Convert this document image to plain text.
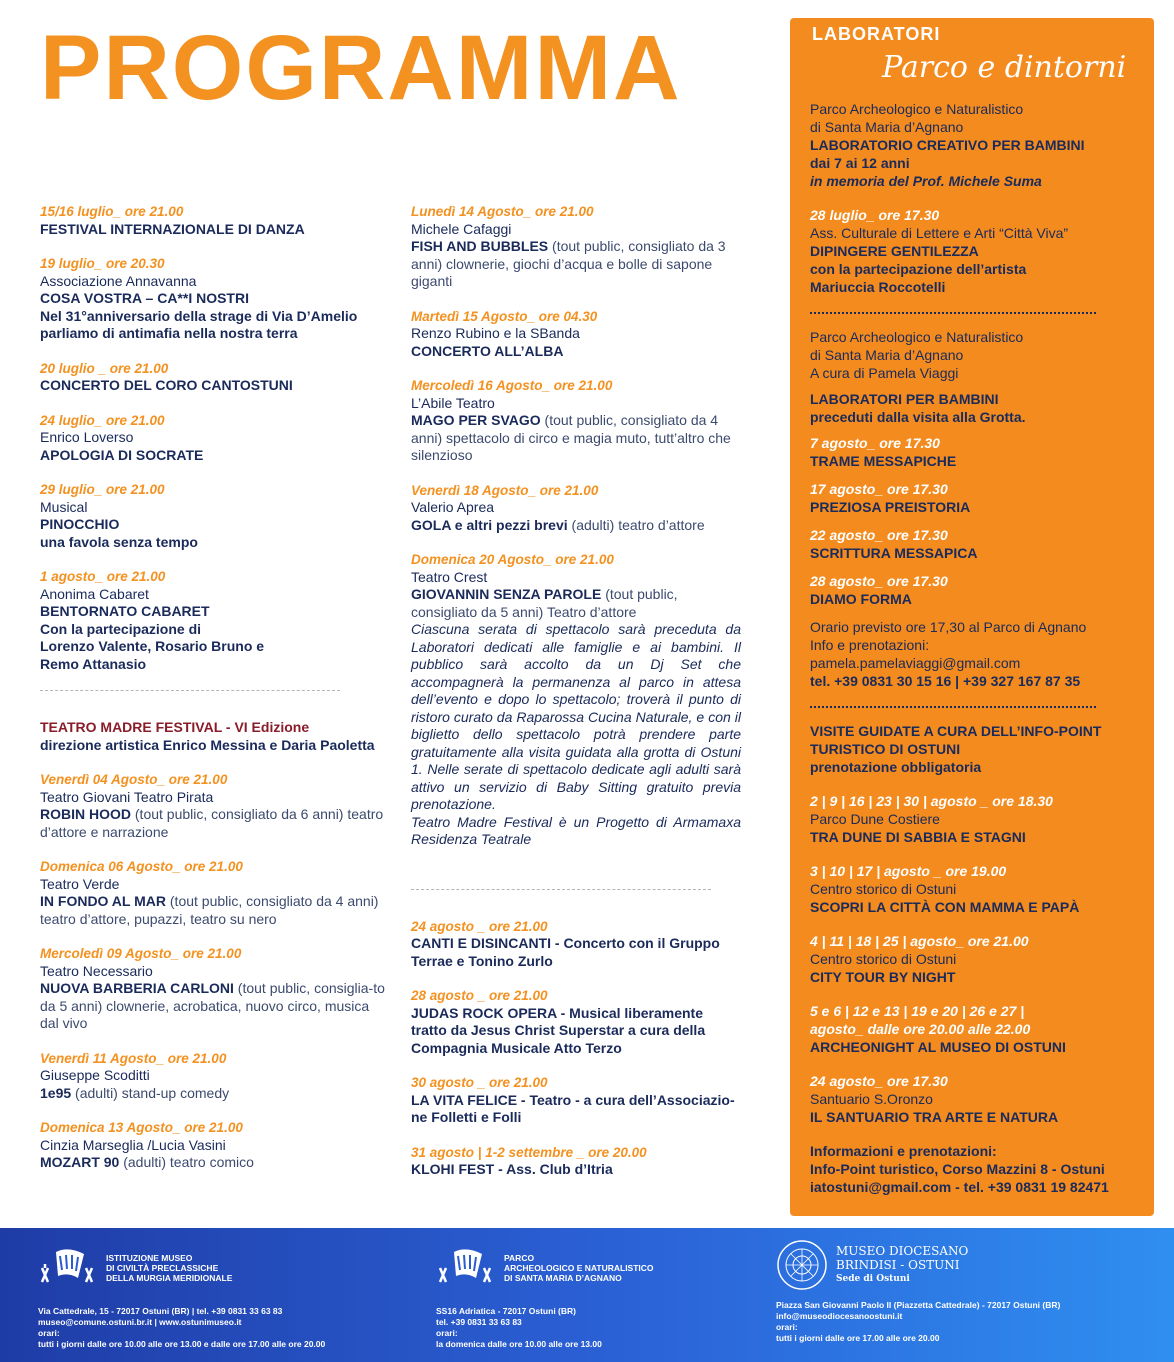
PROGRAMMA
15/16 luglio_ ore 21.00
FESTIVAL INTERNAZIONALE DI DANZA
19 luglio_ ore 20.30
Associazione Annavanna
COSA VOSTRA – CA**I NOSTRI
Nel 31°anniversario della strage di Via D’Amelio parliamo di antimafia nella nostra terra
20 luglio _ ore 21.00
CONCERTO DEL CORO CANTOSTUNI
24 luglio_ ore 21.00
Enrico Loverso
APOLOGIA DI SOCRATE
29 luglio_ ore 21.00
Musical
PINOCCHIO
una favola senza tempo
1 agosto_ ore 21.00
Anonima Cabaret
BENTORNATO CABARET
Con la partecipazione di
Lorenzo Valente, Rosario Bruno e
Remo Attanasio
TEATRO MADRE FESTIVAL - VI Edizione
direzione artistica Enrico Messina e Daria Paoletta
Venerdì 04 Agosto_ ore 21.00
Teatro Giovani Teatro Pirata
ROBIN HOOD (tout public, consigliato da 6 anni) teatro d’attore e narrazione
Domenica 06 Agosto_ ore 21.00
Teatro Verde
IN FONDO AL MAR (tout public, consigliato da 4 anni) teatro d’attore, pupazzi, teatro su nero
Mercoledì 09 Agosto_ ore 21.00
Teatro Necessario
NUOVA BARBERIA CARLONI (tout public, consiglia-to da 5 anni) clownerie, acrobatica, nuovo circo, musica dal vivo
Venerdì 11 Agosto_ ore 21.00
Giuseppe Scoditti
1e95 (adulti) stand-up comedy
Domenica 13 Agosto_ ore 21.00
Cinzia Marseglia /Lucia Vasini
MOZART 90 (adulti) teatro comico
Lunedì 14 Agosto_ ore 21.00
Michele Cafaggi
FISH AND BUBBLES (tout public, consigliato da 3 anni) clownerie, giochi d’acqua e bolle di sapone giganti
Martedì 15 Agosto_ ore 04.30
Renzo Rubino e la SBanda
CONCERTO ALL’ALBA
Mercoledì 16 Agosto_ ore 21.00
L’Abile Teatro
MAGO PER SVAGO (tout public, consigliato da 4 anni) spettacolo di circo e magia muto, tutt’altro che silenzioso
Venerdì 18 Agosto_ ore 21.00
Valerio Aprea
GOLA e altri pezzi brevi (adulti) teatro d’attore
Domenica 20 Agosto_ ore 21.00
Teatro Crest
GIOVANNIN SENZA PAROLE (tout public, consigliato da 5 anni) Teatro d’attore
Ciascuna serata di spettacolo sarà preceduta da Laboratori dedicati alle famiglie e ai bambini. Il pubblico sarà accolto da un Dj Set che accompagnerà la permanenza al parco in attesa dell’evento e dopo lo spettacolo; troverà il punto di ristoro curato da Raparossa Cucina Naturale, e con il biglietto dello spettacolo potrà prendere parte gratuitamente alla visita guidata alla grotta di Ostuni 1. Nelle serate di spettacolo dedicate agli adulti sarà attivo un servizio di Baby Sitting gratuito previa prenotazione.
Teatro Madre Festival è un Progetto di Armamaxa Residenza Teatrale
24 agosto _ ore 21.00
CANTI E DISINCANTI - Concerto con il Gruppo Terrae e Tonino Zurlo
28 agosto _ ore 21.00
JUDAS ROCK OPERA - Musical liberamente tratto da Jesus Christ Superstar a cura della Compagnia Musicale Atto Terzo
30 agosto _ ore 21.00
LA VITA FELICE - Teatro - a cura dell’Associazio-ne Folletti e Folli
31 agosto | 1-2 settembre _ ore 20.00
KLOHI FEST - Ass. Club d’Itria
LABORATORI
Parco e dintorni
Parco Archeologico e Naturalistico
di Santa Maria d’Agnano
LABORATORIO CREATIVO PER BAMBINI
dai 7 ai 12 anni
in memoria del Prof. Michele Suma
28 luglio_ ore 17.30
Ass. Culturale di Lettere e Arti “Città Viva”
DIPINGERE GENTILEZZA
con la partecipazione dell’artista
Mariuccia Roccotelli
Parco Archeologico e Naturalistico
di Santa Maria d’Agnano
A cura di Pamela Viaggi
LABORATORI PER BAMBINI
preceduti dalla visita alla Grotta.
7 agosto_ ore 17.30
TRAME MESSAPICHE
17 agosto_ ore 17.30
PREZIOSA PREISTORIA
22 agosto_ ore 17.30
SCRITTURA MESSAPICA
28 agosto_ ore 17.30
DIAMO FORMA
Orario previsto ore 17,30 al Parco di Agnano
Info e prenotazioni:
pamela.pamelaviaggi@gmail.com
tel. +39 0831 30 15 16 | +39 327 167 87 35
VISITE GUIDATE A CURA DELL’INFO-POINT
TURISTICO DI OSTUNI
prenotazione obbligatoria
2 | 9 | 16 | 23 | 30 | agosto _ ore 18.30
Parco Dune Costiere
TRA DUNE DI SABBIA E STAGNI
3 | 10 | 17 | agosto _ ore 19.00
Centro storico di Ostuni
SCOPRI LA CITTÀ CON MAMMA E PAPÀ
4 | 11 | 18 | 25 | agosto_ ore 21.00
Centro storico di Ostuni
CITY TOUR BY NIGHT
5 e 6 | 12 e 13 | 19 e 20 | 26 e 27 |
agosto_ dalle ore 20.00 alle 22.00
ARCHEONIGHT AL MUSEO DI OSTUNI
24 agosto_ ore 17.30
Santuario S.Oronzo
IL SANTUARIO TRA ARTE E NATURA
Informazioni e prenotazioni:
Info-Point turistico, Corso Mazzini 8 - Ostuni
iatostuni@gmail.com - tel. +39 0831 19 82471
ISTITUZIONE MUSEO
DI CIVILTÀ PRECLASSICHE
DELLA MURGIA MERIDIONALE
Via Cattedrale, 15 - 72017 Ostuni (BR) | tel. +39 0831 33 63 83
museo@comune.ostuni.br.it | www.ostunimuseo.it
orari:
tutti i giorni dalle ore 10.00 alle ore 13.00 e dalle ore 17.00 alle ore 20.00
PARCO
ARCHEOLOGICO E NATURALISTICO
DI SANTA MARIA D’AGNANO
SS16 Adriatica - 72017 Ostuni (BR)
tel. +39 0831 33 63 83
orari:
la domenica dalle ore 10.00 alle ore 13.00
MUSEO DIOCESANO
BRINDISI - OSTUNI
Sede di Ostuni
Piazza San Giovanni Paolo II (Piazzetta Cattedrale) - 72017 Ostuni (BR)
info@museodiocesanoostuni.it
orari:
tutti i giorni dalle ore 17.00 alle ore 20.00
